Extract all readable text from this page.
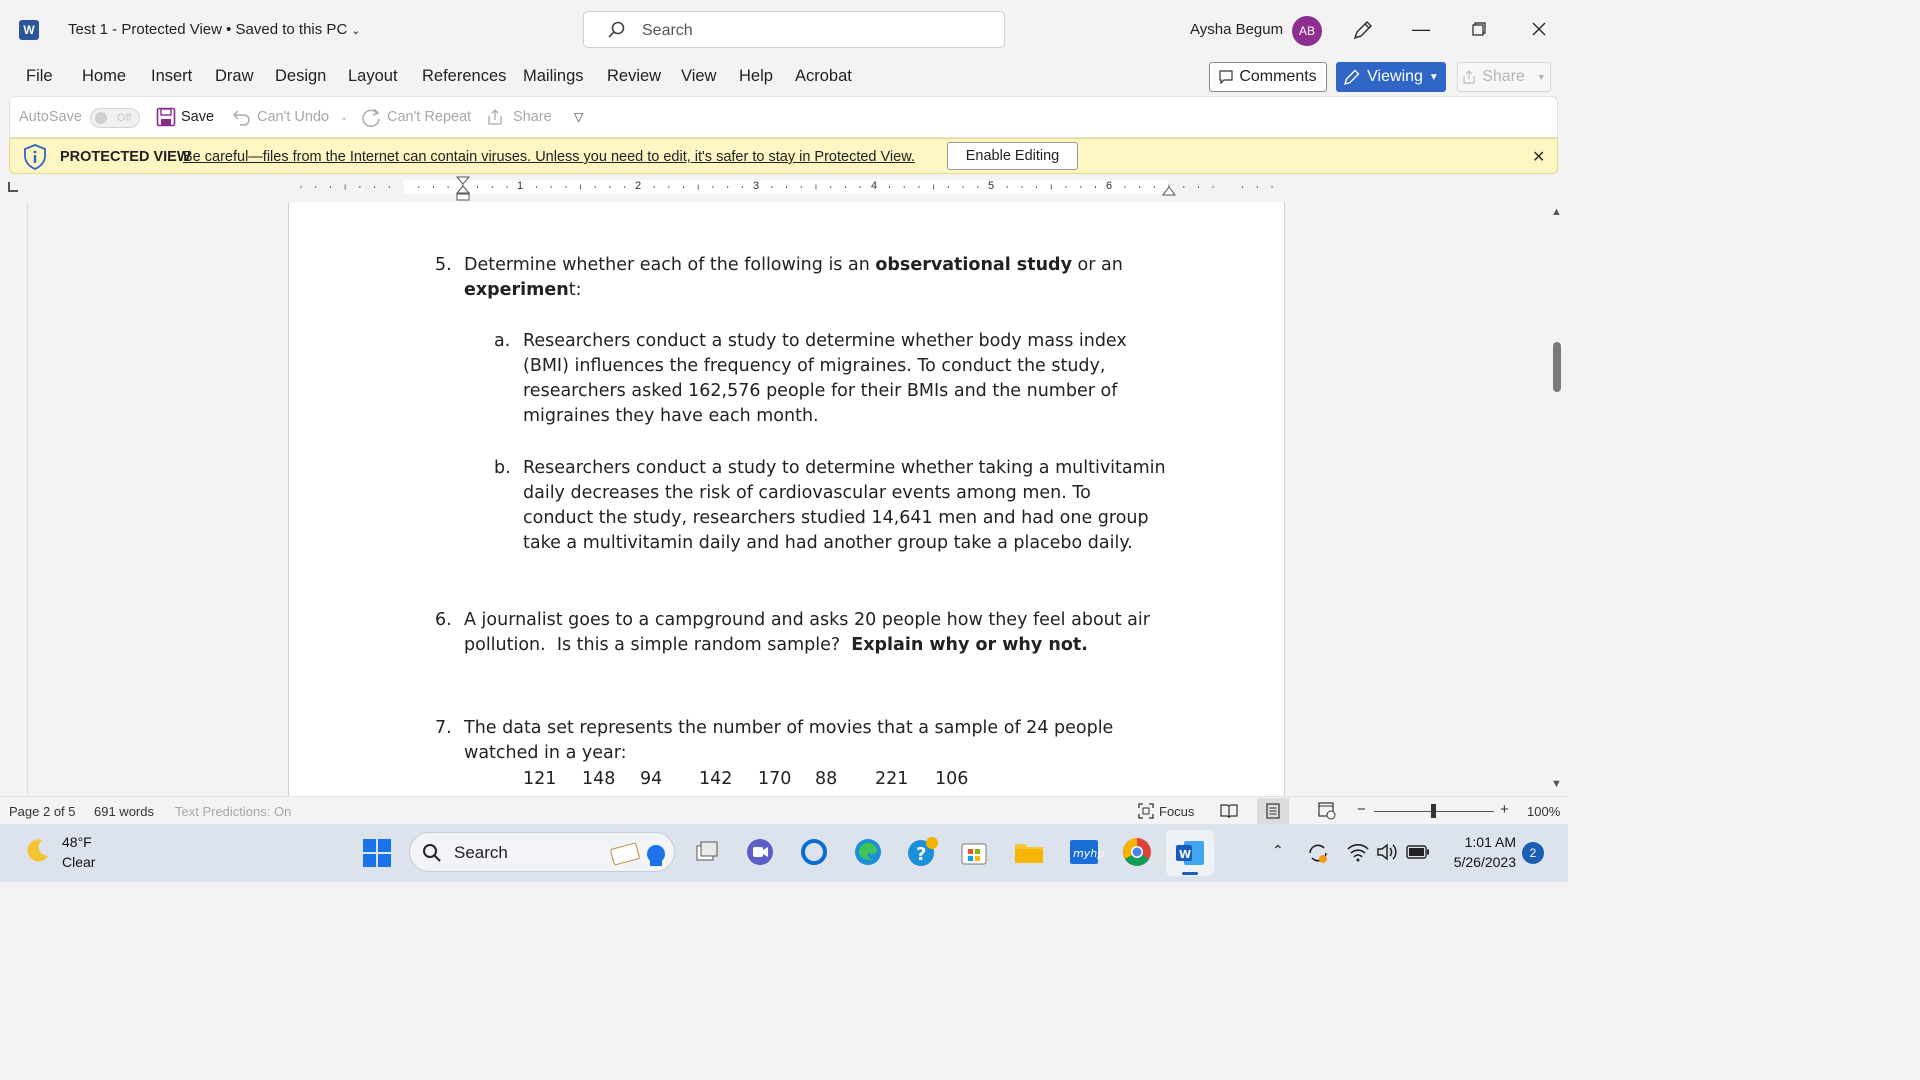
W Test 1 - Protected View • Saved to this PC ⌄	Search	Aysha Begum	AB	—
File Home Insert Draw Design Layout References Mailings Review View Help Acrobat	Comments	Viewing ▼	Share ▼
AutoSave	Off	Save	Can't Undo ⌄	Can't Repeat	Share ▽
PROTECTED VIEW
Be careful—files from the Internet can contain viruses. Unless you need to edit, it's safer to stay in Protected View.	Enable Editing	✕
1	2	3	4	5	6
5. Determine whether each of the following is an observational study or an
experiment:
a. Researchers conduct a study to determine whether body mass index
(BMI) influences the frequency of migraines. To conduct the study,
researchers asked 162,576 people for their BMIs and the number of
migraines they have each month.
b. Researchers conduct a study to determine whether taking a multivitamin
daily decreases the risk of cardiovascular events among men. To
conduct the study, researchers studied 14,641 men and had one group
take a multivitamin daily and had another group take a placebo daily.
6. A journalist goes to a campground and asks 20 people how they feel about air
pollution.  Is this a simple random sample?  Explain why or why not.
7. The data set represents the number of movies that a sample of 24 people
watched in a year:
121 148 94 142 170 88 221 106
▲
▼
Page 2 of 5 691 words Text Predictions: On	Focus	−	+ 100%
48°F
Clear	Search	?	myhp	W	⌃	1:01 AM
5/26/2023
2
